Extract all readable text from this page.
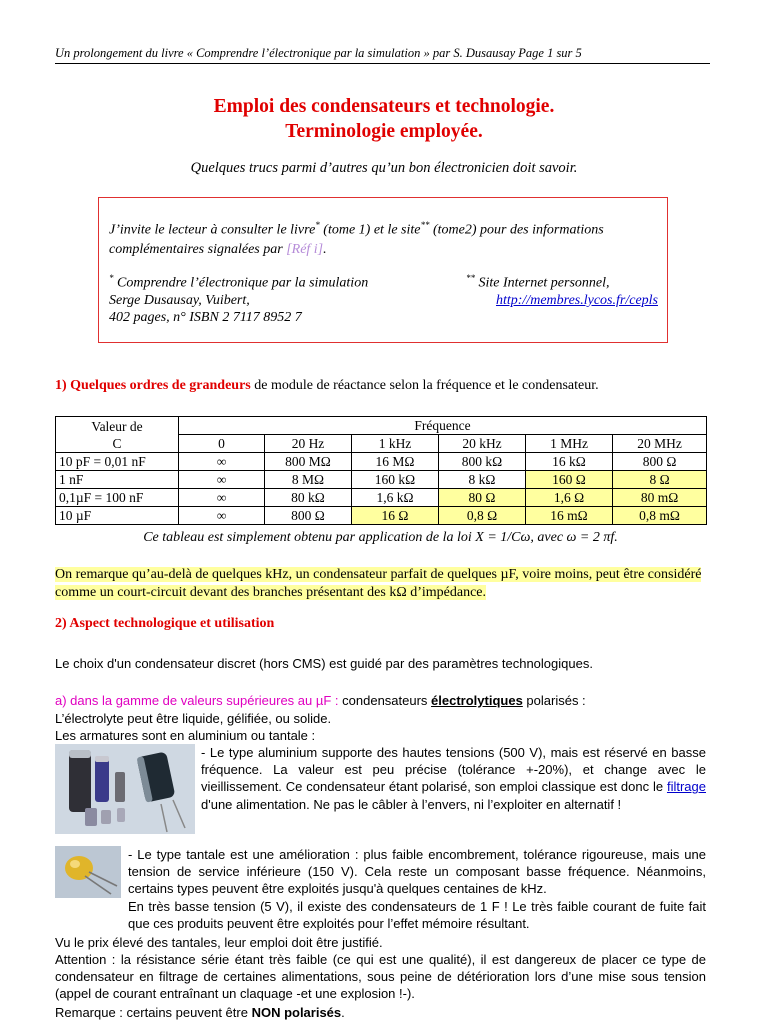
Un prolongement du livre « Comprendre l’électronique par la simulation » par S. Dusausay Page 1 sur 5
Emploi des condensateurs et technologie.
Terminologie employée.
Quelques trucs parmi d’autres qu’un bon électronicien doit savoir.
J’invite le lecteur à consulter le livre* (tome 1) et le site** (tome2) pour des informations
complémentaires signalées par [Réf i].
* Comprendre l’électronique par la simulation
Serge Dusausay, Vuibert,
402 pages, n° ISBN 2 7117 8952 7
** Site Internet personnel,

http://membres.lycos.fr/cepls
1) Quelques ordres de grandeurs de module de réactance selon la fréquence et le condensateur.
Valeur de C	Fréquence					
	0	20 Hz	1 kHz	20 kHz	1 MHz	20 MHz
10 pF = 0,01 nF	∞	800 MΩ	16 MΩ	800 kΩ	16 kΩ	800 Ω
1 nF	∞	8 MΩ	160 kΩ	8 kΩ	160 Ω	8 Ω
0,1µF = 100 nF	∞	80 kΩ	1,6 kΩ	80 Ω	1,6 Ω	80 mΩ
10 µF	∞	800 Ω	16 Ω	0,8 Ω	16 mΩ	0,8 mΩ
Ce tableau est simplement obtenu par application de la loi X = 1/Cω, avec ω = 2 πf.
On remarque qu’au-delà de quelques kHz, un condensateur parfait de quelques µF, voire moins, peut être considéré comme un court-circuit devant des branches présentant des kΩ d’impédance.
2) Aspect technologique et utilisation
Le choix d'un condensateur discret (hors CMS) est guidé par des paramètres technologiques.
a) dans la gamme de valeurs supérieures au µF : condensateurs électrolytiques polarisés :
L’électrolyte peut être liquide, gélifiée, ou solide.
Les armatures sont en aluminium ou tantale :
- Le type aluminium supporte des hautes tensions (500 V), mais est réservé en basse fréquence. La valeur est peu précise (tolérance +-20%), et change avec le vieillissement. Ce condensateur étant polarisé, son emploi classique est donc le filtrage d'une alimentation. Ne pas le câbler à l’envers, ni l’exploiter en alternatif !
- Le type tantale est une amélioration : plus faible encombrement, tolérance rigoureuse, mais une tension de service inférieure (150 V). Cela reste un composant basse fréquence. Néanmoins, certains types peuvent être exploités jusqu'à quelques centaines de kHz.
En très basse tension (5 V), il existe des condensateurs de 1 F ! Le très faible courant de fuite fait que ces produits peuvent être exploités pour l’effet mémoire résultant.
Vu le prix élevé des tantales, leur emploi doit être justifié.
Attention : la résistance série étant très faible (ce qui est une qualité), il est dangereux de placer ce type de condensateur en filtrage de certaines alimentations, sous peine de détérioration lors d’une mise sous tension (appel de courant entraînant un claquage -et une explosion !-).
Remarque : certains peuvent être NON polarisés.
